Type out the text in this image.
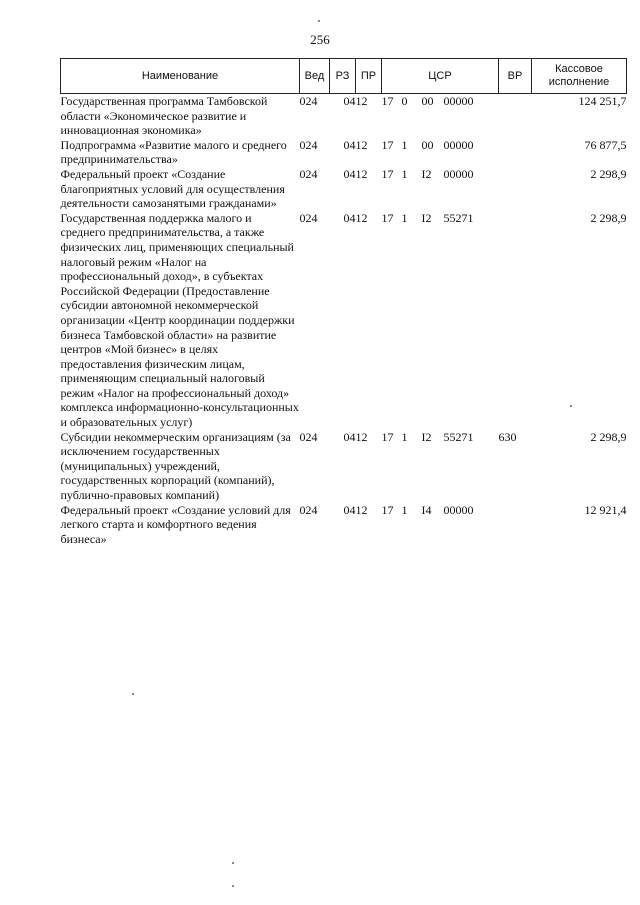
256
Наименование	Вед	РЗ	ПР	ЦСР	ВР	Кассовое исполнение
Государственная программа Тамбовской области «Экономическое развитие и инновационная экономика»	024	04	12	17 0 00 00000		124 251,7
Подпрограмма «Развитие малого и среднего предпринимательства»	024	04	12	17 1 00 00000		76 877,5
Федеральный проект «Создание благоприятных условий для осуществления деятельности самозанятыми гражданами»	024	04	12	17 1 I2 00000		2 298,9
Государственная поддержка малого и среднего предпринимательства, а также физических лиц, применяющих специальный налоговый режим «Налог на профессиональный доход», в субъектах Российской Федерации (Предоставление субсидии автономной некоммерческой организации «Центр координации поддержки бизнеса Тамбовской области» на развитие центров «Мой бизнес» в целях предоставления физическим лицам, применяющим специальный налоговый режим «Налог на профессиональный доход» комплекса информационно-консультационных и образовательных услуг)	024	04	12	17 1 I2 55271		2 298,9
Субсидии некоммерческим организациям (за исключением государственных (муниципальных) учреждений, государственных корпораций (компаний), публично-правовых компаний)	024	04	12	17 1 I2 55271	630	2 298,9
Федеральный проект «Создание условий для легкого старта и комфортного ведения бизнеса»	024	04	12	17 1 I4 00000		12 921,4
